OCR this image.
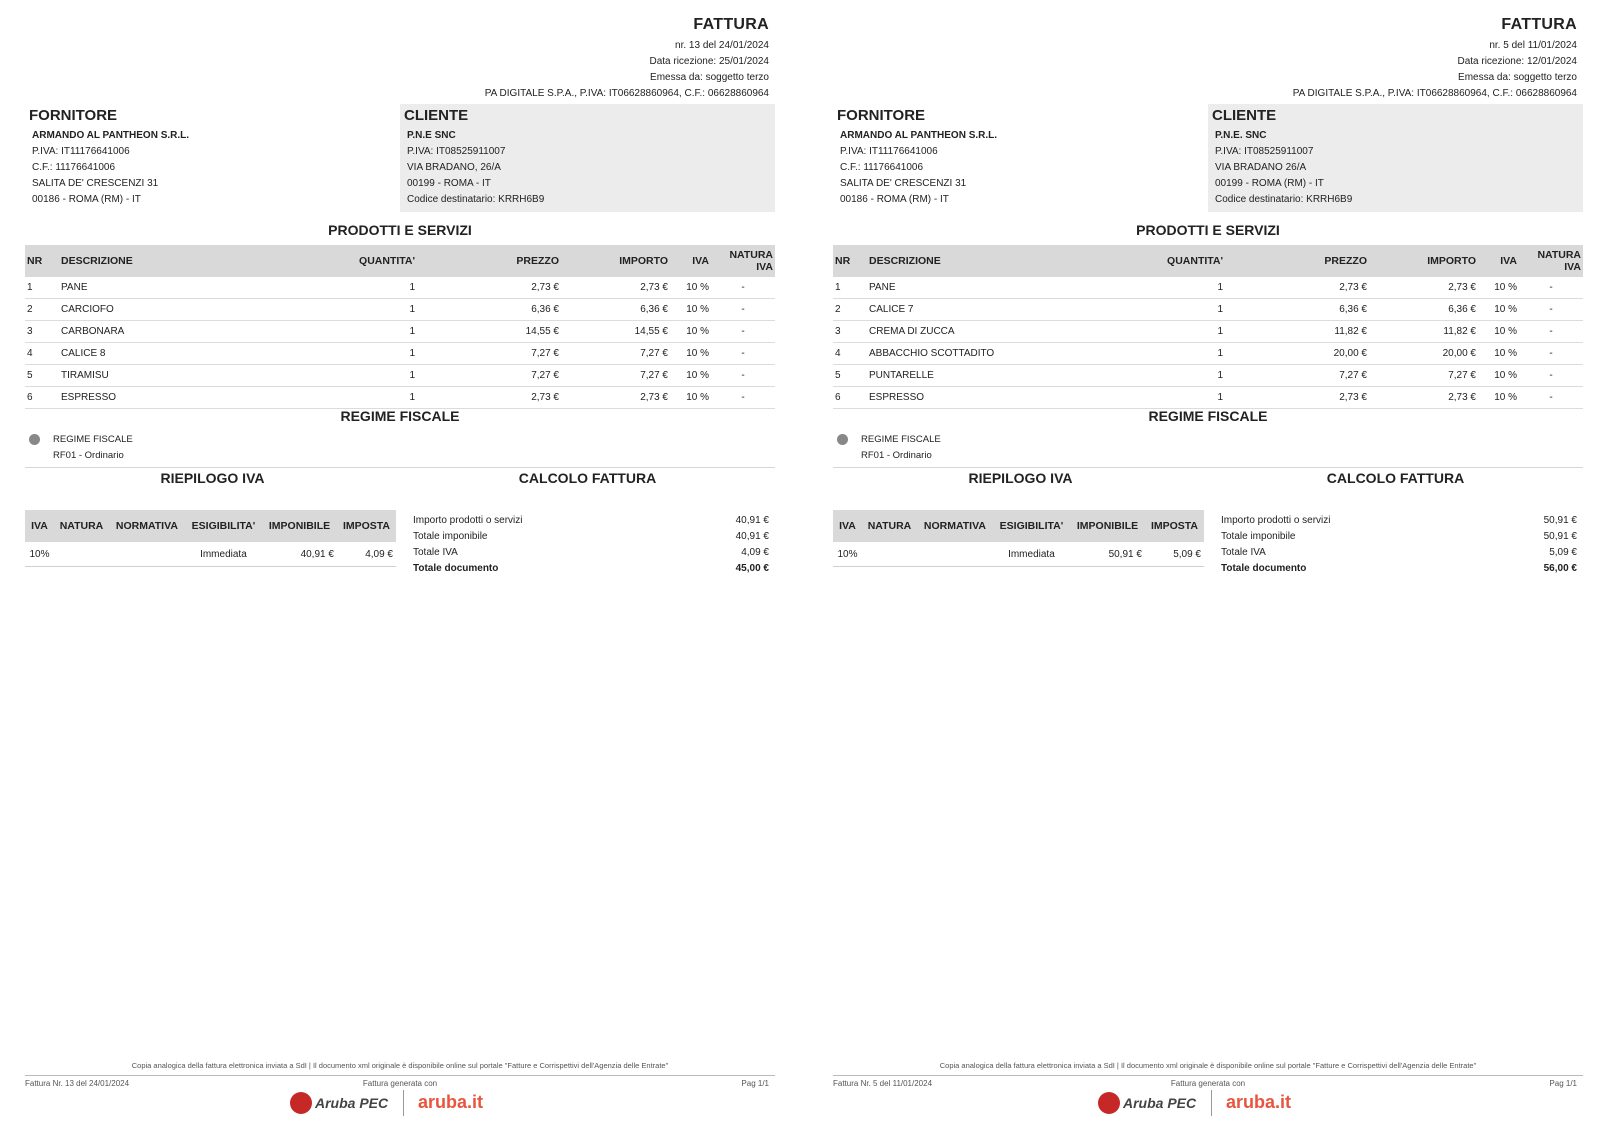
FATTURA
nr. 13 del 24/01/2024
Data ricezione: 25/01/2024
Emessa da: soggetto terzo
PA DIGITALE S.P.A., P.IVA: IT06628860964, C.F.: 06628860964
FORNITORE
ARMANDO AL PANTHEON S.R.L.
P.IVA: IT11176641006
C.F.: 11176641006
SALITA DE' CRESCENZI 31
00186 - ROMA (RM) - IT
CLIENTE
P.N.E SNC
P.IVA: IT08525911007
VIA BRADANO, 26/A
00199 - ROMA - IT
Codice destinatario: KRRH6B9
PRODOTTI E SERVIZI
NR	DESCRIZIONE	QUANTITA'	PREZZO	IMPORTO	IVA	NATURA IVA
1	PANE	1	2,73 €	2,73 €	10 %	-
2	CARCIOFO	1	6,36 €	6,36 €	10 %	-
3	CARBONARA	1	14,55 €	14,55 €	10 %	-
4	CALICE 8	1	7,27 €	7,27 €	10 %	-
5	TIRAMISU	1	7,27 €	7,27 €	10 %	-
6	ESPRESSO	1	2,73 €	2,73 €	10 %	-
REGIME FISCALE
REGIME FISCALE
RF01 - Ordinario
RIEPILOGO IVA	CALCOLO FATTURA
IVA	NATURA	NORMATIVA	ESIGIBILITA'	IMPONIBILE	IMPOSTA
10%			Immediata	40,91 €	4,09 €
Importo prodotti o servizi	40,91 €
Totale imponibile	40,91 €
Totale IVA	4,09 €
Totale documento	45,00 €
Copia analogica della fattura elettronica inviata a SdI | Il documento xml originale è disponibile online sul portale "Fatture e Corrispettivi dell'Agenzia delle Entrate"
Fattura Nr. 13 del 24/01/2024	Fattura generata con	Pag 1/1
Aruba PEC aruba.it
FATTURA
nr. 5 del 11/01/2024
Data ricezione: 12/01/2024
Emessa da: soggetto terzo
PA DIGITALE S.P.A., P.IVA: IT06628860964, C.F.: 06628860964
FORNITORE
ARMANDO AL PANTHEON S.R.L.
P.IVA: IT11176641006
C.F.: 11176641006
SALITA DE' CRESCENZI 31
00186 - ROMA (RM) - IT
CLIENTE
P.N.E. SNC
P.IVA: IT08525911007
VIA BRADANO 26/A
00199 - ROMA (RM) - IT
Codice destinatario: KRRH6B9
PRODOTTI E SERVIZI
NR	DESCRIZIONE	QUANTITA'	PREZZO	IMPORTO	IVA	NATURA IVA
1	PANE	1	2,73 €	2,73 €	10 %	-
2	CALICE 7	1	6,36 €	6,36 €	10 %	-
3	CREMA DI ZUCCA	1	11,82 €	11,82 €	10 %	-
4	ABBACCHIO SCOTTADITO	1	20,00 €	20,00 €	10 %	-
5	PUNTARELLE	1	7,27 €	7,27 €	10 %	-
6	ESPRESSO	1	2,73 €	2,73 €	10 %	-
REGIME FISCALE
REGIME FISCALE
RF01 - Ordinario
RIEPILOGO IVA	CALCOLO FATTURA
IVA	NATURA	NORMATIVA	ESIGIBILITA'	IMPONIBILE	IMPOSTA
10%			Immediata	50,91 €	5,09 €
Importo prodotti o servizi	50,91 €
Totale imponibile	50,91 €
Totale IVA	5,09 €
Totale documento	56,00 €
Copia analogica della fattura elettronica inviata a SdI | Il documento xml originale è disponibile online sul portale "Fatture e Corrispettivi dell'Agenzia delle Entrate"
Fattura Nr. 5 del 11/01/2024	Fattura generata con	Pag 1/1
Aruba PEC aruba.it
